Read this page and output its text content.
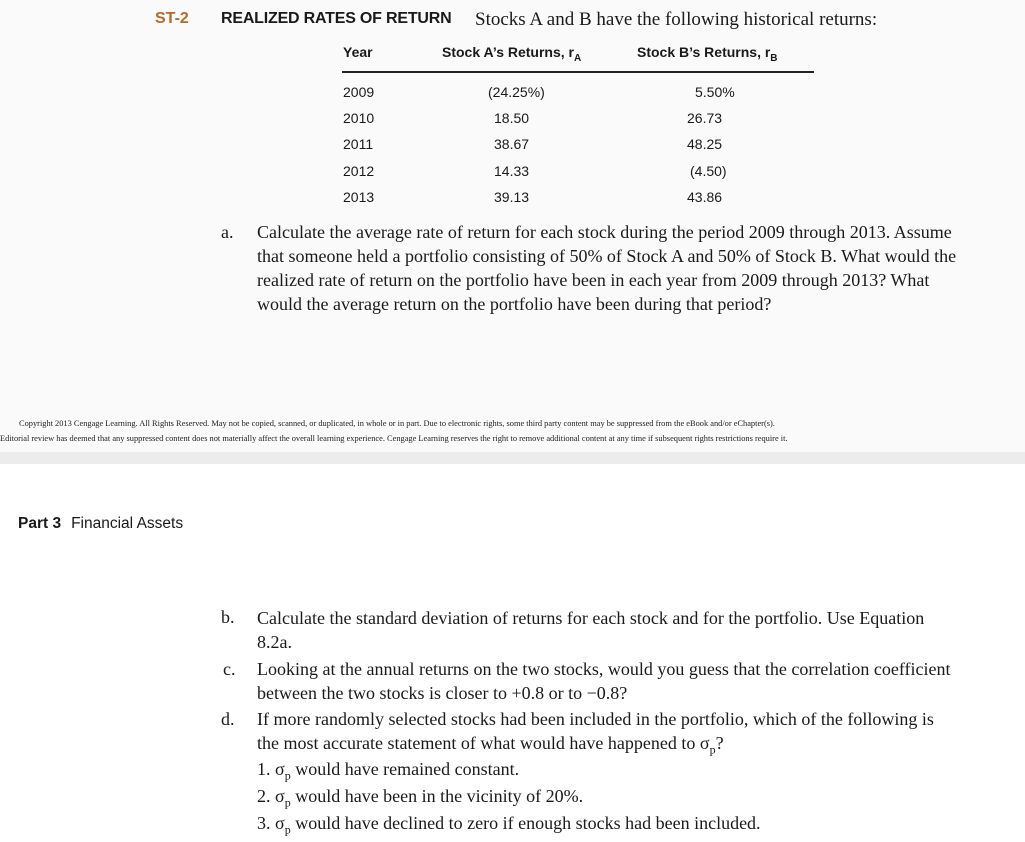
ST-2 REALIZED RATES OF RETURN Stocks A and B have the following historical returns:
Year	Stock A’s Returns, $r_A$	Stock B’s Returns, $r_B$
2009	(24.25%)	5.50%
2010	18.50	26.73
2011	38.67	48.25
2012	14.33	(4.50)
2013	39.13	43.86
a. Calculate the average rate of return for each stock during the period 2009 through 2013. Assume that someone held a portfolio consisting of 50% of Stock A and 50% of Stock B. What would the realized rate of return on the portfolio have been in each year from 2009 through 2013? What would the average return on the portfolio have been during that period?
Copyright 2013 Cengage Learning. All Rights Reserved. May not be copied, scanned, or duplicated, in whole or in part. Due to electronic rights, some third party content may be suppressed from the eBook and/or eChapter(s).
Editorial review has deemed that any suppressed content does not materially affect the overall learning experience. Cengage Learning reserves the right to remove additional content at any time if subsequent rights restrictions require it.
Part 3 Financial Assets
b. Calculate the standard deviation of returns for each stock and for the portfolio. Use Equation 8.2a.
c. Looking at the annual returns on the two stocks, would you guess that the correlation coefficient between the two stocks is closer to +0.8 or to −0.8?
d. If more randomly selected stocks had been included in the portfolio, which of the following is the most accurate statement of what would have happened to $\sigma_p$?
1. $\sigma_p$ would have remained constant.
2. $\sigma_p$ would have been in the vicinity of 20%.
3. $\sigma_p$ would have declined to zero if enough stocks had been included.
